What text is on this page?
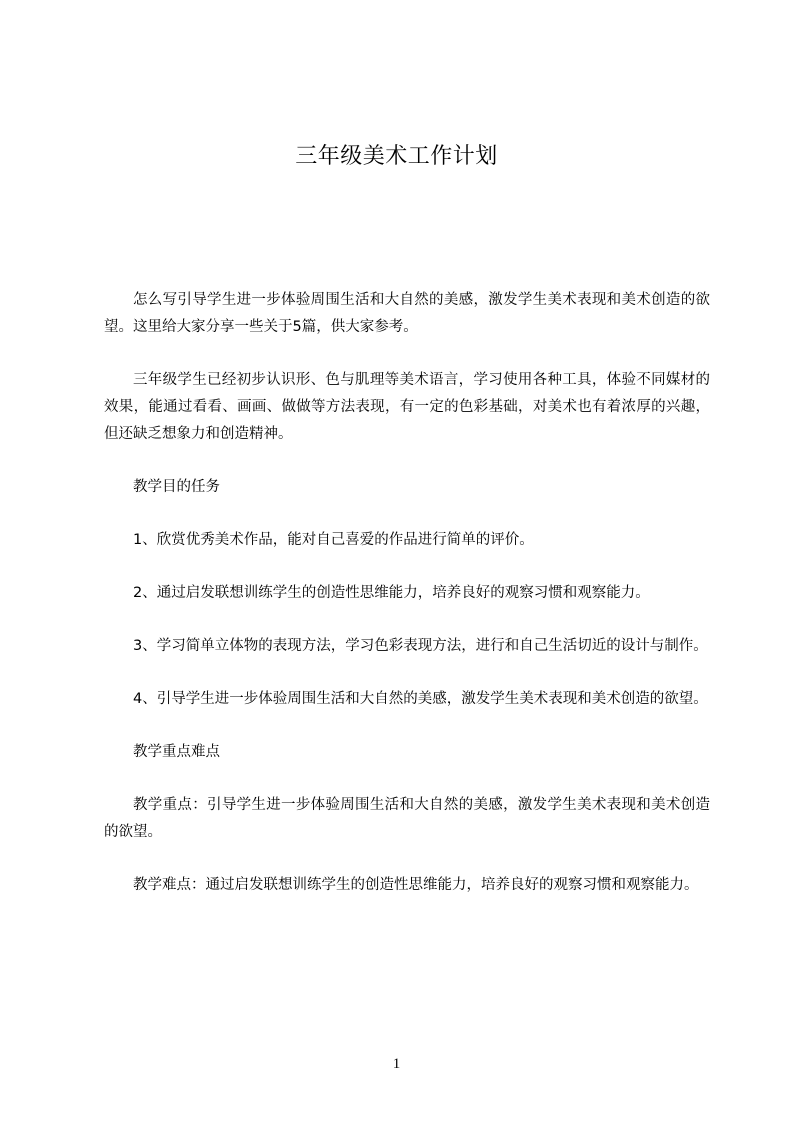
三年级美术工作计划

怎么写引导学生进一步体验周围生活和大自然的美感，激发学生美术表现和美术创造的欲望。这里给大家分享一些关于5篇，供大家参考。

三年级学生已经初步认识形、色与肌理等美术语言，学习使用各种工具，体验不同媒材的效果，能通过看看、画画、做做等方法表现，有一定的色彩基础，对美术也有着浓厚的兴趣，但还缺乏想象力和创造精神。

教学目的任务

1、欣赏优秀美术作品，能对自己喜爱的作品进行简单的评价。

2、通过启发联想训练学生的创造性思维能力，培养良好的观察习惯和观察能力。

3、学习简单立体物的表现方法，学习色彩表现方法，进行和自己生活切近的设计与制作。

4、引导学生进一步体验周围生活和大自然的美感，激发学生美术表现和美术创造的欲望。

教学重点难点

教学重点：引导学生进一步体验周围生活和大自然的美感，激发学生美术表现和美术创造的欲望。

教学难点：通过启发联想训练学生的创造性思维能力，培养良好的观察习惯和观察能力。

1
